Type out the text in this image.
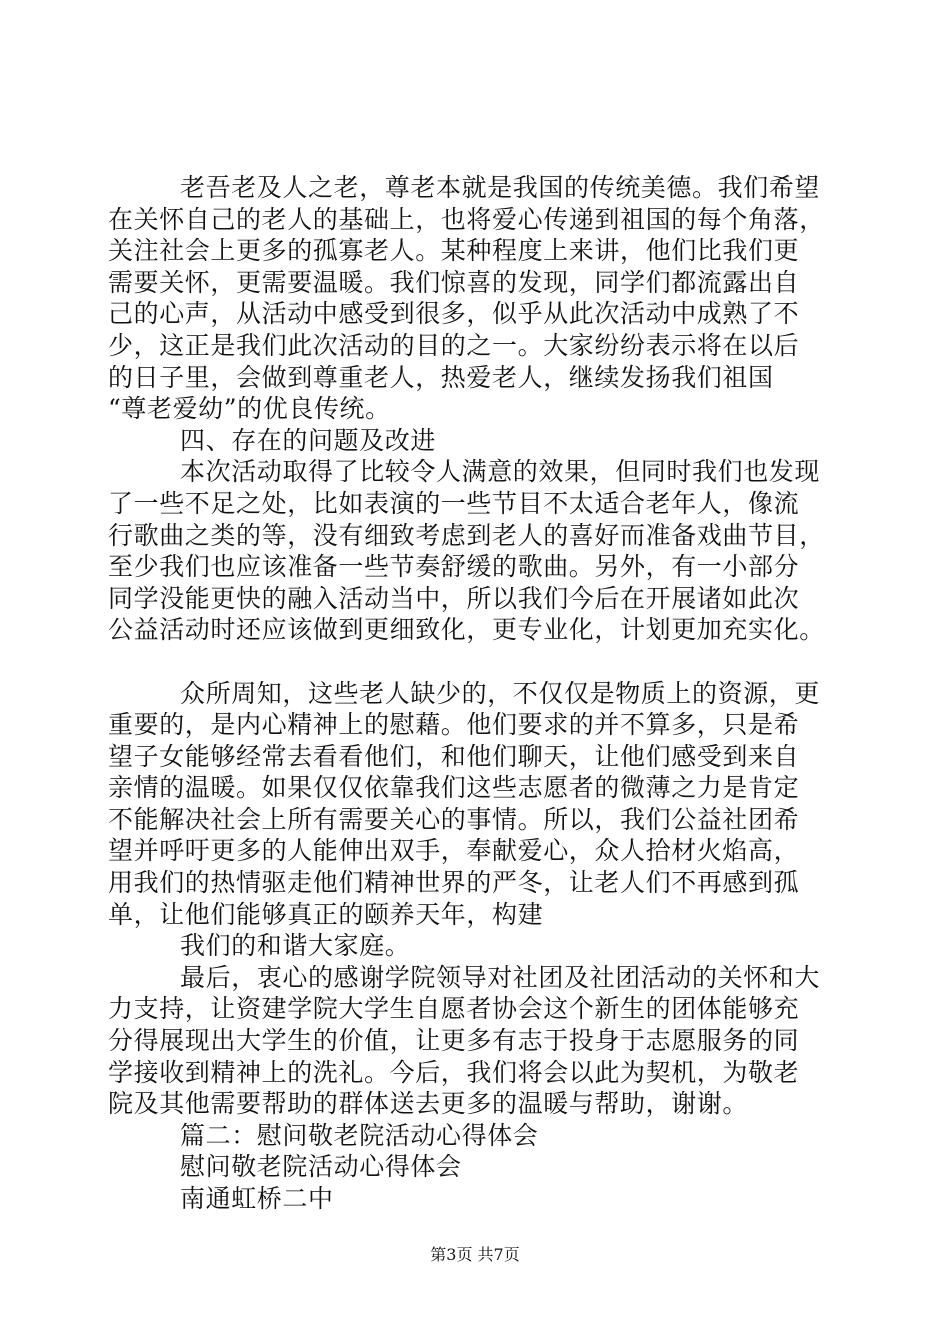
老吾老及人之老，尊老本就是我国的传统美德。我们希望
在关怀自己的老人的基础上，也将爱心传递到祖国的每个角落，
关注社会上更多的孤寡老人。某种程度上来讲，他们比我们更
需要关怀，更需要温暖。我们惊喜的发现，同学们都流露出自
己的心声，从活动中感受到很多，似乎从此次活动中成熟了不
少，这正是我们此次活动的目的之一。大家纷纷表示将在以后
的日子里，会做到尊重老人，热爱老人，继续发扬我们祖国
“尊老爱幼”的优良传统。
四、存在的问题及改进
本次活动取得了比较令人满意的效果，但同时我们也发现
了一些不足之处，比如表演的一些节目不太适合老年人，像流
行歌曲之类的等，没有细致考虑到老人的喜好而准备戏曲节目，
至少我们也应该准备一些节奏舒缓的歌曲。另外，有一小部分
同学没能更快的融入活动当中，所以我们今后在开展诸如此次
公益活动时还应该做到更细致化，更专业化，计划更加充实化。
众所周知，这些老人缺少的，不仅仅是物质上的资源，更
重要的，是内心精神上的慰藉。他们要求的并不算多，只是希
望子女能够经常去看看他们，和他们聊天，让他们感受到来自
亲情的温暖。如果仅仅依靠我们这些志愿者的微薄之力是肯定
不能解决社会上所有需要关心的事情。所以，我们公益社团希
望并呼吁更多的人能伸出双手，奉献爱心，众人拾材火焰高，
用我们的热情驱走他们精神世界的严冬，让老人们不再感到孤
单，让他们能够真正的颐养天年，构建
我们的和谐大家庭。
最后，衷心的感谢学院领导对社团及社团活动的关怀和大
力支持，让资建学院大学生自愿者协会这个新生的团体能够充
分得展现出大学生的价值，让更多有志于投身于志愿服务的同
学接收到精神上的洗礼。今后，我们将会以此为契机，为敬老
院及其他需要帮助的群体送去更多的温暖与帮助，谢谢。
篇二：慰问敬老院活动心得体会
慰问敬老院活动心得体会
南通虹桥二中
第3页 共7页
